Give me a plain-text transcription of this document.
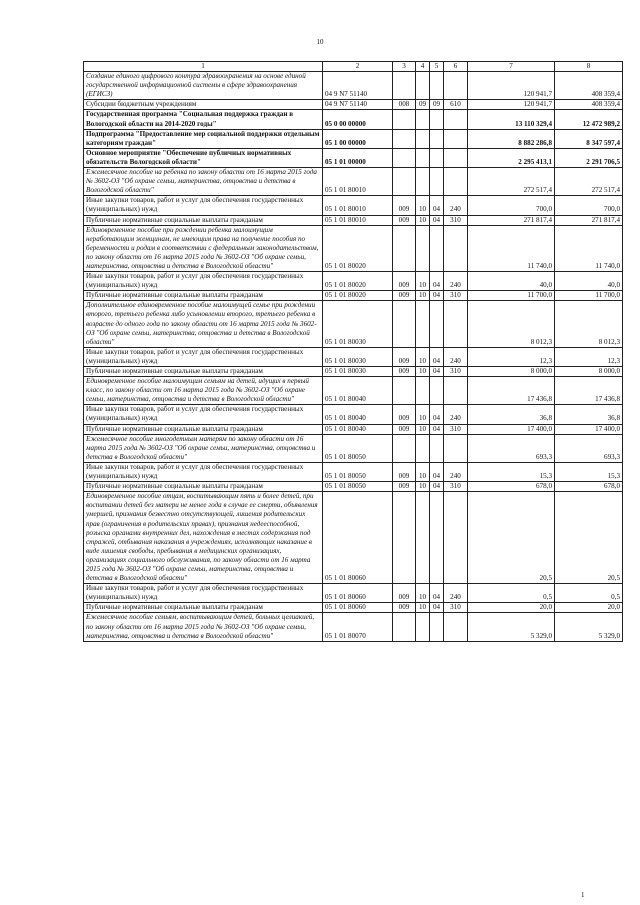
10
1	2	3	4	5	6	7	8
Создание единого цифрового контура здравоохранения на основе единой государственной информационной системы в сфере здравоохранения (ЕГИСЗ)	04 9 N7 51140					120 941,7	408 359,4
Субсидии бюджетным учреждениям	04 9 N7 51140	008	09	09	610	120 941,7	408 359,4
Государственная программа "Социальная поддержка граждан в Вологодской области на 2014-2020 годы"	05 0 00 00000					13 110 329,4	12 472 989,2
Подпрограмма "Предоставление мер социальной поддержки отдельным категориям граждан"	05 1 00 00000					8 882 286,8	8 347 597,4
Основное мероприятие "Обеспечение публичных нормативных обязательств Вологодской области"	05 1 01 00000					2 295 413,1	2 291 706,5
Ежемесячное пособие на ребенка по закону области от 16 марта 2015 года № 3602-ОЗ "Об охране семьи, материнства, отцовства и детства в Вологодской области"	05 1 01 80010					272 517,4	272 517,4
Иные закупки товаров, работ и услуг для обеспечения государственных (муниципальных) нужд	05 1 01 80010	009	10	04	240	700,0	700,0
Публичные нормативные социальные выплаты гражданам	05 1 01 80010	009	10	04	310	271 817,4	271 817,4
Единовременное пособие при рождении ребенка малоимущим неработающим женщинам, не имеющим права на получение пособия по беременности и родам в соответствии с федеральным законодательством, по закону области от 16 марта 2015 года № 3602-ОЗ "Об охране семьи, материнства, отцовства и детства в Вологодской области"	05 1 01 80020					11 740,0	11 740,0
Иные закупки товаров, работ и услуг для обеспечения государственных (муниципальных) нужд	05 1 01 80020	009	10	04	240	40,0	40,0
Публичные нормативные социальные выплаты гражданам	05 1 01 80020	009	10	04	310	11 700,0	11 700,0
Дополнительное единовременное пособие малоимущей семье при рождении второго, третьего ребенка либо усыновлении второго, третьего ребенка в возрасте до одного года по закону области от 16 марта 2015 года № 3602-ОЗ "Об охране семьи, материнства, отцовства и детства в Вологодской области"	05 1 01 80030					8 012,3	8 012,3
Иные закупки товаров, работ и услуг для обеспечения государственных (муниципальных) нужд	05 1 01 80030	009	10	04	240	12,3	12,3
Публичные нормативные социальные выплаты гражданам	05 1 01 80030	009	10	04	310	8 000,0	8 000,0
Единовременное пособие малоимущим семьям на детей, идущих в первый класс, по закону области от 16 марта 2015 года № 3602-ОЗ "Об охране семьи, материнства, отцовства и детства в Вологодской области"	05 1 01 80040					17 436,8	17 436,8
Иные закупки товаров, работ и услуг для обеспечения государственных (муниципальных) нужд	05 1 01 80040	009	10	04	240	36,8	36,8
Публичные нормативные социальные выплаты гражданам	05 1 01 80040	009	10	04	310	17 400,0	17 400,0
Ежемесячное пособие многодетным матерям по закону области от 16 марта 2015 года № 3602-ОЗ "Об охране семьи, материнства, отцовства и детства в Вологодской области"	05 1 01 80050					693,3	693,3
Иные закупки товаров, работ и услуг для обеспечения государственных (муниципальных) нужд	05 1 01 80050	009	10	04	240	15,3	15,3
Публичные нормативные социальные выплаты гражданам	05 1 01 80050	009	10	04	310	678,0	678,0
Единовременное пособие отцам, воспитывающим пять и более детей, при воспитании детей без матери не менее года в случае ее смерти, объявления умершей, признания безвестно отсутствующей, лишения родительских прав (ограничения в родительских правах), признания недееспособной, розыска органами внутренних дел, нахождения в местах содержания под стражей, отбывания наказания в учреждениях, исполняющих наказание в виде лишения свободы, пребывания в медицинских организациях, организациях социального обслуживания, по закону области от 16 марта 2015 года № 3602-ОЗ "Об охране семьи, материнства, отцовства и детства в Вологодской области"	05 1 01 80060					20,5	20,5
Иные закупки товаров, работ и услуг для обеспечения государственных (муниципальных) нужд	05 1 01 80060	009	10	04	240	0,5	0,5
Публичные нормативные социальные выплаты гражданам	05 1 01 80060	009	10	04	310	20,0	20,0
Ежемесячное пособие семьям, воспитывающим детей, больных целиакией, по закону области от 16 марта 2015 года № 3602-ОЗ "Об охране семьи, материнства, отцовства и детства в Вологодской области"	05 1 01 80070					5 329,0	5 329,0
1
